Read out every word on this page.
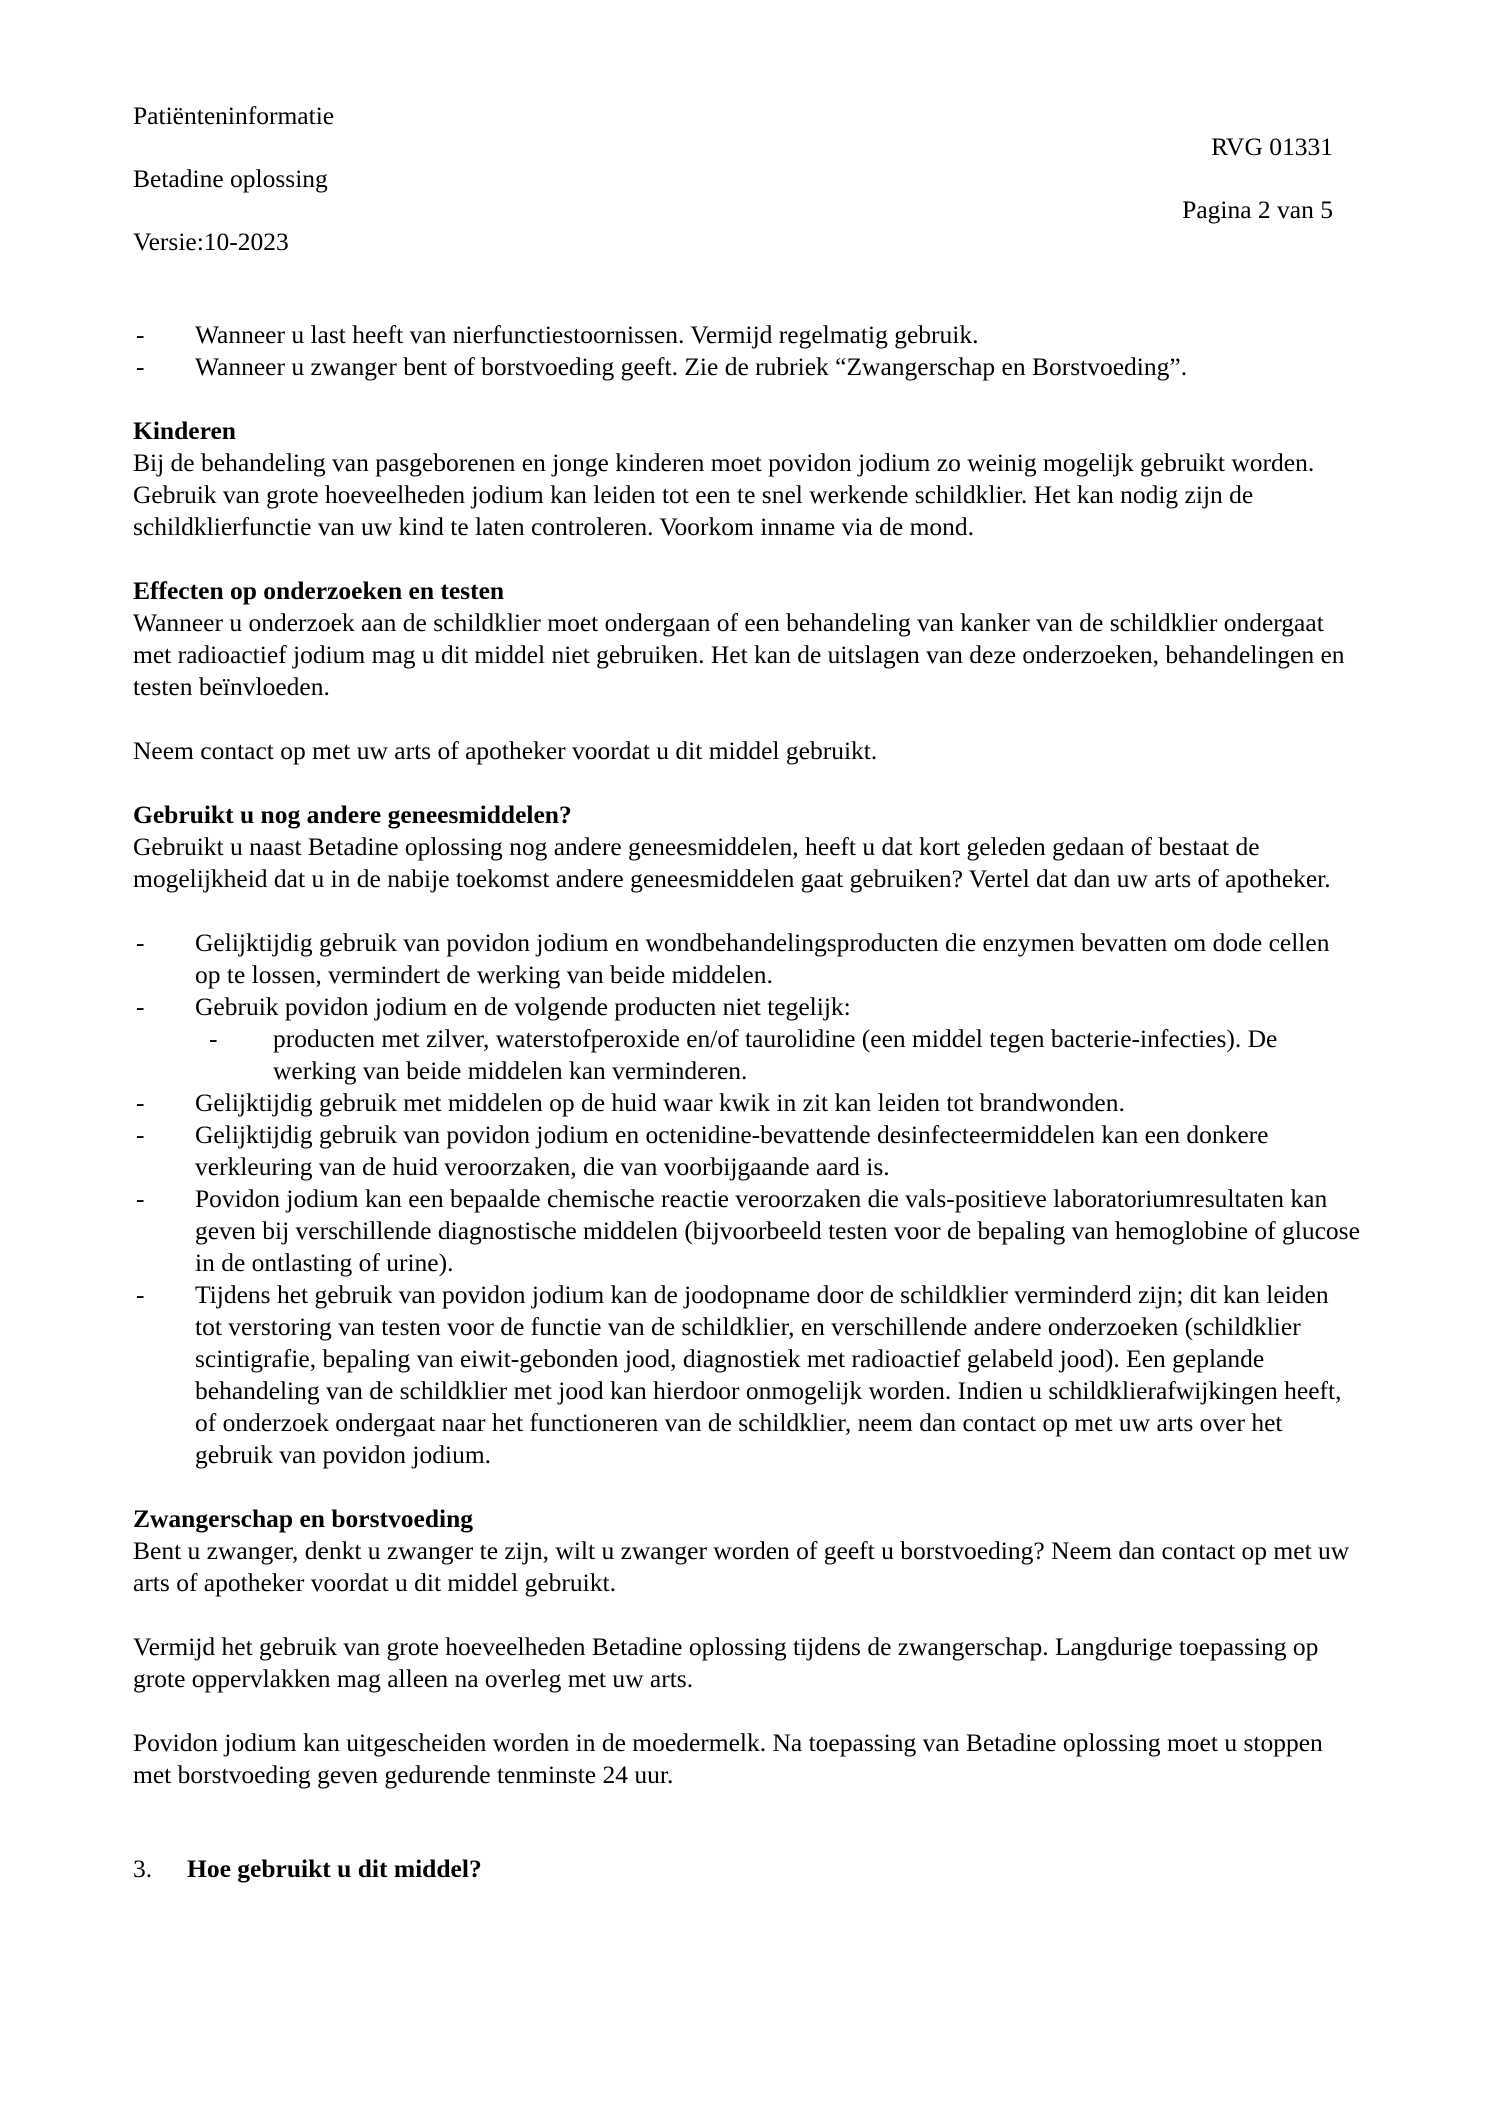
Patiënteninformatie

Betadine oplossing

Versie:10-2023

RVG 01331

Pagina 2 van 5

-	Wanneer u last heeft van nierfunctiestoornissen. Vermijd regelmatig gebruik.
-	Wanneer u zwanger bent of borstvoeding geeft. Zie de rubriek “Zwangerschap en Borstvoeding”.
Kinderen

Bij de behandeling van pasgeborenen en jonge kinderen moet povidon jodium zo weinig mogelijk gebruikt worden. Gebruik van grote hoeveelheden jodium kan leiden tot een te snel werkende schildklier. Het kan nodig zijn de schildklierfunctie van uw kind te laten controleren. Voorkom inname via de mond.

Effecten op onderzoeken en testen

Wanneer u onderzoek aan de schildklier moet ondergaan of een behandeling van kanker van de schildklier ondergaat met radioactief jodium mag u dit middel niet gebruiken. Het kan de uitslagen van deze onderzoeken, behandelingen en testen beïnvloeden.

Neem contact op met uw arts of apotheker voordat u dit middel gebruikt.

Gebruikt u nog andere geneesmiddelen?

Gebruikt u naast Betadine oplossing nog andere geneesmiddelen, heeft u dat kort geleden gedaan of bestaat de mogelijkheid dat u in de nabije toekomst andere geneesmiddelen gaat gebruiken? Vertel dat dan uw arts of apotheker.

-	Gelijktijdig gebruik van povidon jodium en wondbehandelingsproducten die enzymen bevatten om dode cellen op te lossen, vermindert de werking van beide middelen.
-	Gebruik povidon jodium en de volgende producten niet tegelijk:
-	producten met zilver, waterstofperoxide en/of taurolidine (een middel tegen bacterie-infecties). De werking van beide middelen kan verminderen.
-	Gelijktijdig gebruik met middelen op de huid waar kwik in zit kan leiden tot brandwonden.
-	Gelijktijdig gebruik van povidon jodium en octenidine-bevattende desinfecteermiddelen kan een donkere verkleuring van de huid veroorzaken, die van voorbijgaande aard is.
-	Povidon jodium kan een bepaalde chemische reactie veroorzaken die vals-positieve laboratoriumresultaten kan geven bij verschillende diagnostische middelen (bijvoorbeeld testen voor de bepaling van hemoglobine of glucose in de ontlasting of urine).
-	Tijdens het gebruik van povidon jodium kan de joodopname door de schildklier verminderd zijn; dit kan leiden tot verstoring van testen voor de functie van de schildklier, en verschillende andere onderzoeken (schildklier scintigrafie, bepaling van eiwit-gebonden jood, diagnostiek met radioactief gelabeld jood). Een geplande behandeling van de schildklier met jood kan hierdoor onmogelijk worden. Indien u schildklierafwijkingen heeft, of onderzoek ondergaat naar het functioneren van de schildklier, neem dan contact op met uw arts over het gebruik van povidon jodium.
Zwangerschap en borstvoeding

Bent u zwanger, denkt u zwanger te zijn, wilt u zwanger worden of geeft u borstvoeding? Neem dan contact op met uw arts of apotheker voordat u dit middel gebruikt.

Vermijd het gebruik van grote hoeveelheden Betadine oplossing tijdens de zwangerschap. Langdurige toepassing op grote oppervlakken mag alleen na overleg met uw arts.

Povidon jodium kan uitgescheiden worden in de moedermelk. Na toepassing van Betadine oplossing moet u stoppen met borstvoeding geven gedurende tenminste 24 uur.

3.	Hoe gebruikt u dit middel?
